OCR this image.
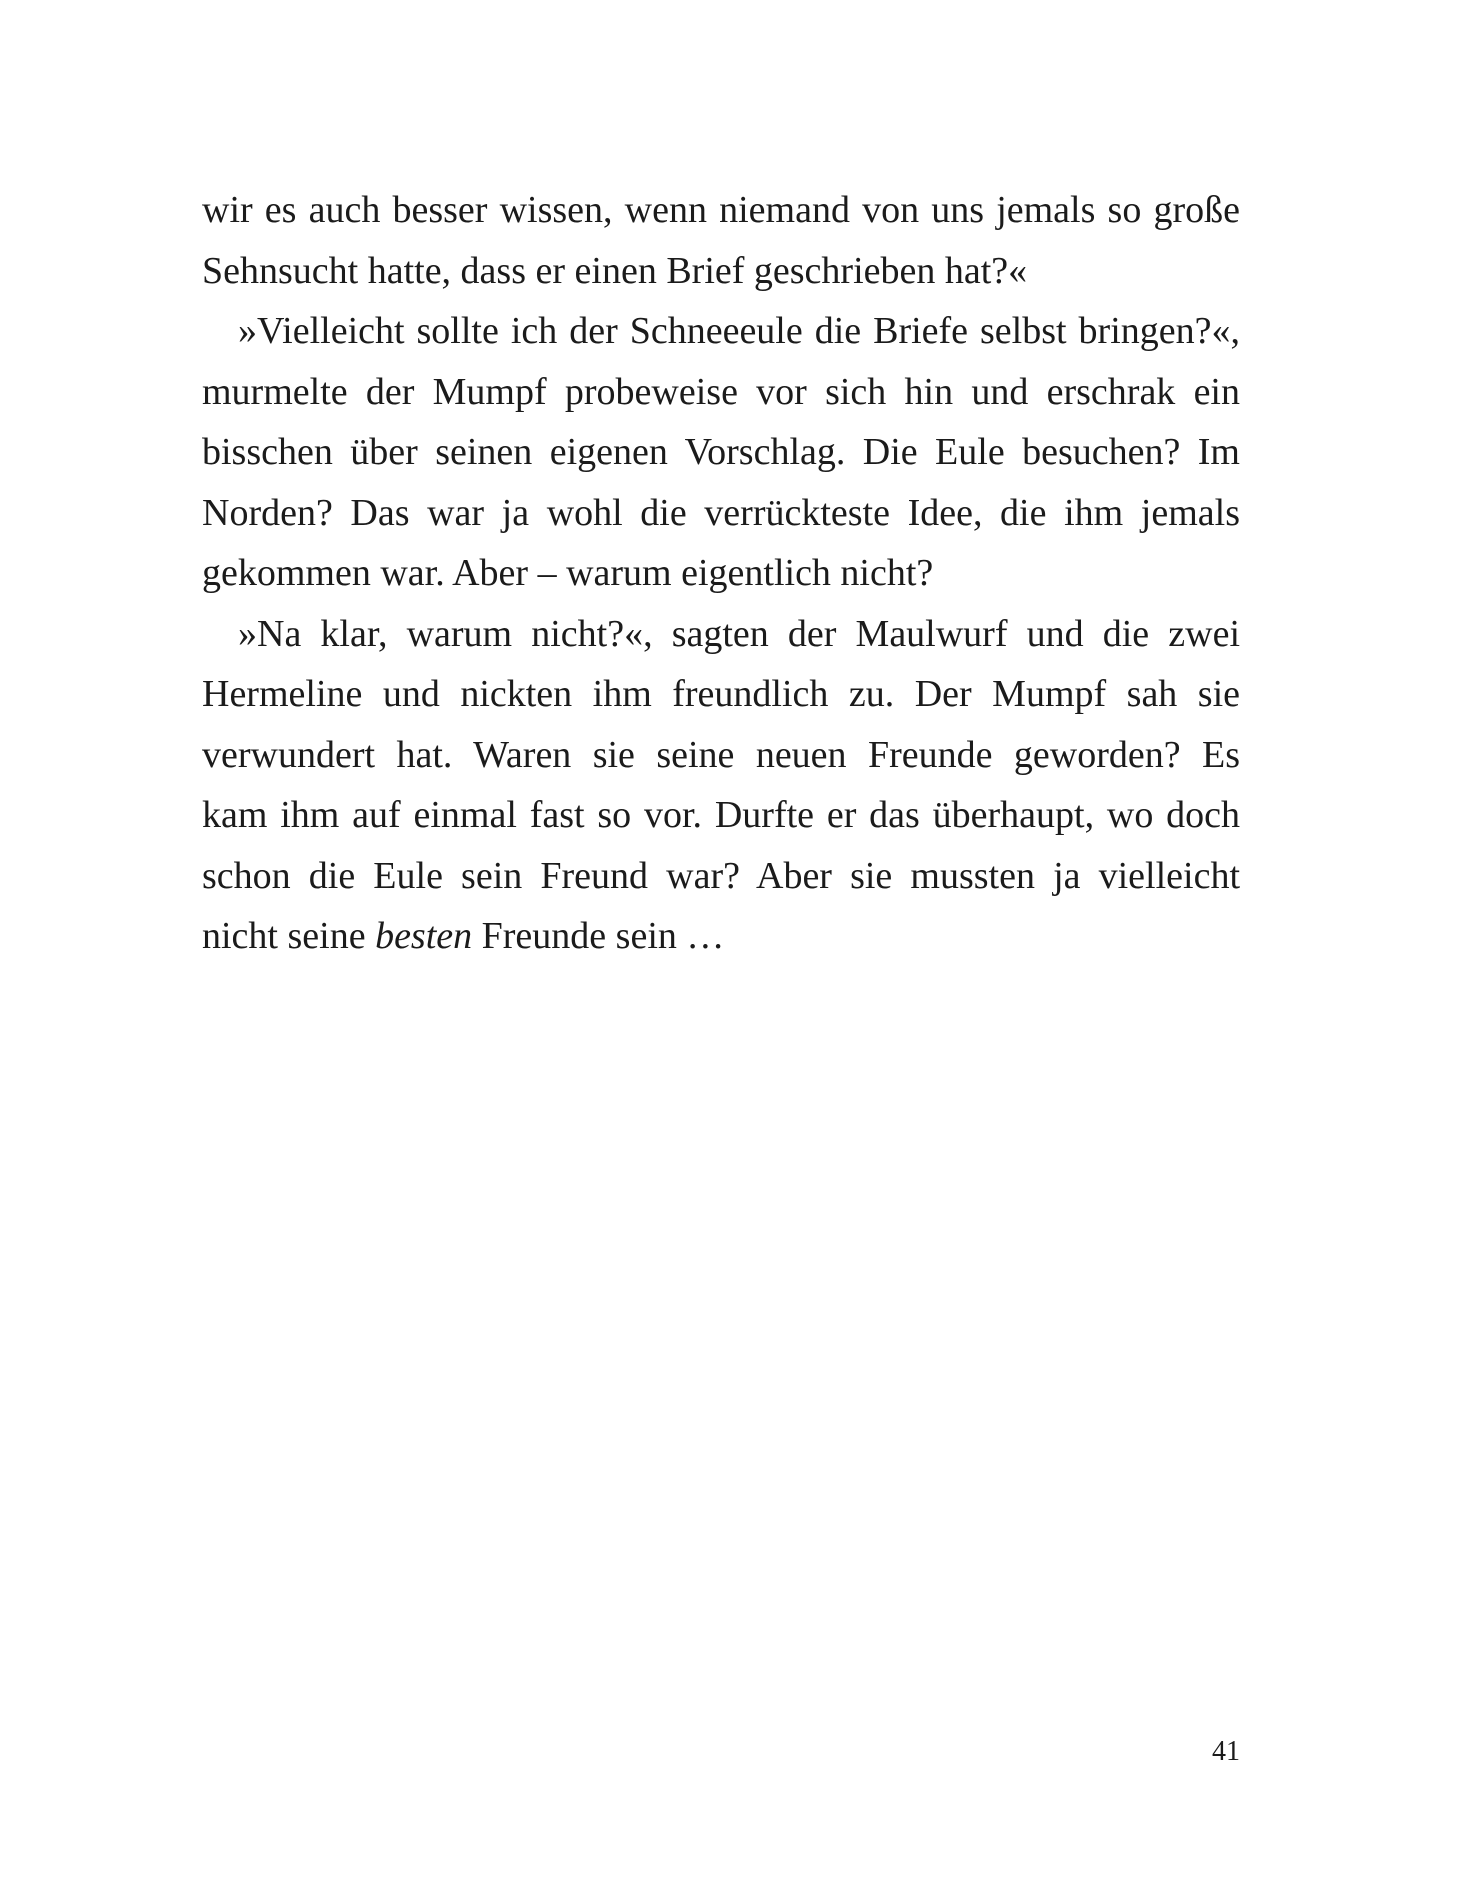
wir es auch besser wissen, wenn niemand von uns jemals so große
Sehnsucht hatte, dass er einen Brief geschrieben hat?«
»Vielleicht sollte ich der Schneeeule die Briefe selbst bringen?«,
murmelte der Mumpf probeweise vor sich hin und erschrak ein
bisschen über seinen eigenen Vorschlag. Die Eule besuchen? Im
Norden? Das war ja wohl die verrückteste Idee, die ihm jemals
gekommen war. Aber – warum eigentlich nicht?
»Na klar, warum nicht?«, sagten der Maulwurf und die zwei
Hermeline und nickten ihm freundlich zu. Der Mumpf sah sie
verwundert hat. Waren sie seine neuen Freunde geworden? Es
kam ihm auf einmal fast so vor. Durfte er das überhaupt, wo doch
schon die Eule sein Freund war? Aber sie mussten ja vielleicht
nicht seine besten Freunde sein …
41
